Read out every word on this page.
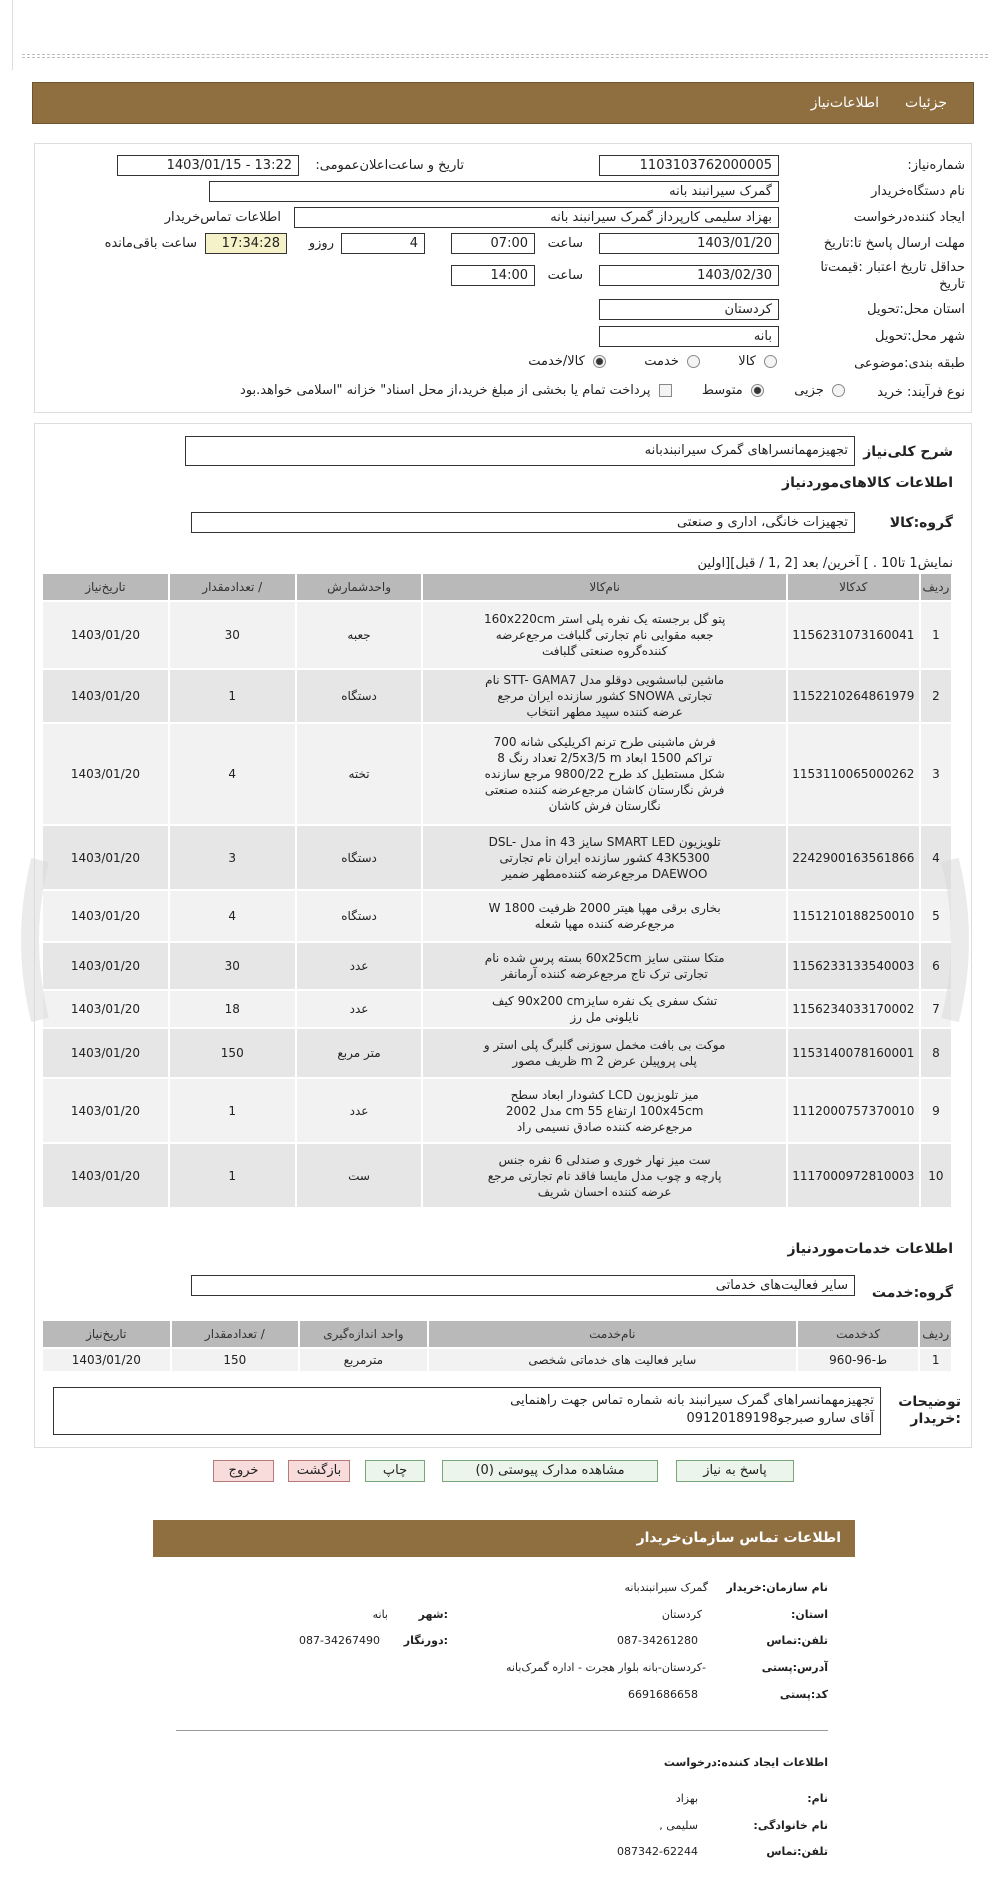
جزئیات
اطلاعات‌نیاز
شماره‌نیاز:
1103103762000005
تاریخ و ساعت‌اعلان‌عمومی:
1403/01/15 - 13:22
نام دستگاه‌خریدار
گمرک سیرانبند بانه
ایجاد کننده‌درخواست
بهزاد سلیمی کارپرداز گمرک سیرانبند بانه
اطلاعات تماس‌خریدار
مهلت ارسال پاسخ تا‌:تاریخ
1403/01/20
ساعت
07:00
4
روزو
17:34:28
ساعت باقی‌مانده
حداقل تاریخ اعتبار :قیمت‌تا تاریخ
1403/02/30
ساعت
14:00
استان محل‌:تحویل
کردستان
شهر محل‌:تحویل
بانه
طبقه بندی‌:موضوعی
کالا   خدمت   کالا/خدمت
نوع فرآیند: خرید
جزیی   متوسط   پرداخت تمام یا بخشی از مبلغ خرید،از محل اسناد" خزانه "اسلامی خواهد.بود
شرح کلی‌نیاز
تجهیزمهمانسراهای گمرک سیرانبندبانه
اطلاعات کالاهای‌مورد‌نیاز
گروه‌:کالا
تجهیزات خانگی، اداری و صنعتی
نمایش1 تا10 . ] آخرین/ بعد [2 ,1 / قبل][اولین
ردیف	کدکالا	نام‌کالا	واحدشمارش	/ تعدادمقدار	تاریخ‌نیاز
1	1156231073160041	پتو گل برجسته یک نفره پلی استر 160x220cm جعبه مقوایی نام تجارتی گلبافت مرجع‌عرضه کننده‌گروه صنعتی گلبافت	جعبه	30	1403/01/20
2	1152210264861979	ماشین لباسشویی دوقلو مدل STT- GAMA7 نام تجارتی SNOWA کشور سازنده ایران مرجع عرضه کننده سپید مطهر انتخاب	دستگاه	1	1403/01/20
3	1153110065000262	فرش ماشینی طرح ترنم اکریلیکی شانه 700 تراکم 1500 ابعاد 2/5x3/5 m تعداد رنگ 8 شکل مستطیل کد طرح 9800/22 مرجع سازنده فرش نگارستان کاشان مرجع‌عرضه کننده صنعتی نگارستان فرش کاشان	تخته	4	1403/01/20
4	2242900163561866	تلویزیون SMART LED سایز 43 in مدل DSL-43K5300 کشور سازنده ایران نام تجارتی DAEWOO مرجع‌عرضه کننده‌مطهر ضمیر	دستگاه	3	1403/01/20
5	1151210188250010	بخاری برقی مهپا هیتر 2000 ظرفیت 1800 W مرجع‌عرضه کننده مهپا شعله	دستگاه	4	1403/01/20
6	1156233133540003	متکا سنتی سایز 60x25cm بسته پرس شده نام تجارتی ترک تاج مرجع‌عرضه کننده آرمانفر	عدد	30	1403/01/20
7	1156234033170002	تشک سفری یک نفره سایز90x200 cm کیف نایلونی مل رز	عدد	18	1403/01/20
8	1153140078160001	موکت بی بافت مخمل سوزنی گلبرگ پلی استر و پلی پروپیلن عرض 2 m ظریف مصور	متر مربع	150	1403/01/20
9	1112000757370010	میز تلویزیون LCD کشودار ابعاد سطح 100x45cm ارتفاع 55 cm مدل 2002 مرجع‌عرضه کننده صادق نسیمی راد	عدد	1	1403/01/20
10	1117000972810003	ست میز نهار خوری و صندلی 6 نفره جنس پارچه و چوب مدل مایسا فاقد نام تجارتی مرجع عرضه کننده احسان شریف	ست	1	1403/01/20
اطلاعات خدمات‌مورد‌نیاز
گروه‌:خدمت
سایر فعالیت‌های خدماتی
ردیف	کدخدمت	نام‌خدمت	واحد اندازه‌گیری	/ تعدادمقدار	تاریخ‌نیاز
1	ط-96-960	سایر فعالیت های خدماتی شخصی	مترمربع	150	1403/01/20
توضیحات :خریدار
تجهیزمهمانسراهای گمرک سیرانبند بانه شماره تماس جهت راهنمایی
آقای سارو صبرجو09120189198
پاسخ به نیاز
مشاهده مدارک پیوستی (0)
چاپ
بازگشت
خروج
اطلاعات تماس سازمان‌خریدار
نام سازمان‌:خریدار
گمرک سیرانبندبانه
استان:
کردستان
:شهر
بانه
تلفن‌:تماس
087-34261280
:دورنگار
087-34267490
آدرس‌:پستی
-کردستان-بانه بلوار هجرت - اداره گمرک‌بانه
کد‌:پستی
6691686658
اطلاعات ایجاد کننده‌:درخواست
نام:
بهزاد
نام خانوادگی:
سلیمی ,
تلفن‌:تماس
087342-62244
